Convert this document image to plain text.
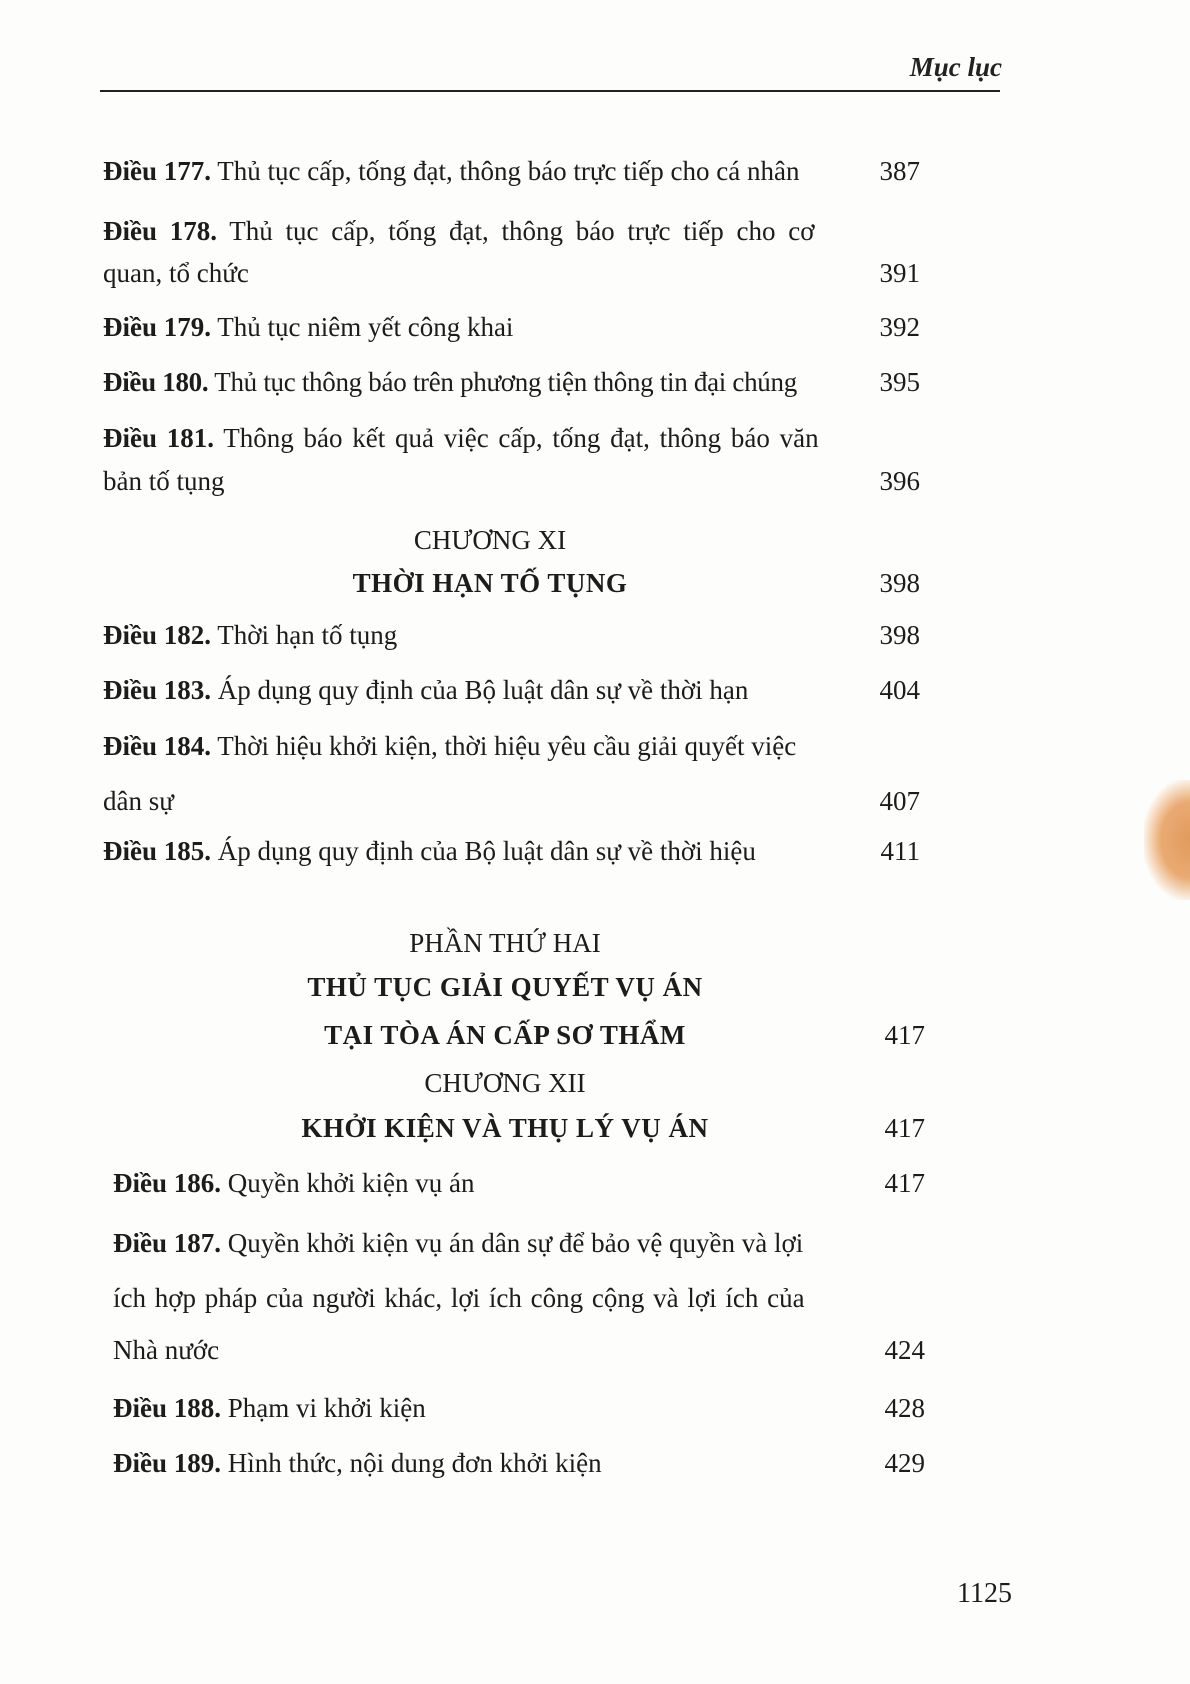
Mục lục
Điều 177. Thủ tục cấp, tống đạt, thông báo trực tiếp cho cá nhân	387
Điều 178. Thủ tục cấp, tống đạt, thông báo trực tiếp cho cơ
quan, tổ chức	391
Điều 179. Thủ tục niêm yết công khai	392
Điều 180. Thủ tục thông báo trên phương tiện thông tin đại chúng	395
Điều 181. Thông báo kết quả việc cấp, tống đạt, thông báo văn
bản tố tụng	396
CHƯƠNG XI
THỜI HẠN TỐ TỤNG	398
Điều 182. Thời hạn tố tụng	398
Điều 183. Áp dụng quy định của Bộ luật dân sự về thời hạn	404
Điều 184. Thời hiệu khởi kiện, thời hiệu yêu cầu giải quyết việc
dân sự	407
Điều 185. Áp dụng quy định của Bộ luật dân sự về thời hiệu	411
PHẦN THỨ HAI
THỦ TỤC GIẢI QUYẾT VỤ ÁN
TẠI TÒA ÁN CẤP SƠ THẨM	417
CHƯƠNG XII
KHỞI KIỆN VÀ THỤ LÝ VỤ ÁN	417
Điều 186. Quyền khởi kiện vụ án	417
Điều 187. Quyền khởi kiện vụ án dân sự để bảo vệ quyền và lợi
ích hợp pháp của người khác, lợi ích công cộng và lợi ích của
Nhà nước	424
Điều 188. Phạm vi khởi kiện	428
Điều 189. Hình thức, nội dung đơn khởi kiện	429
1125
